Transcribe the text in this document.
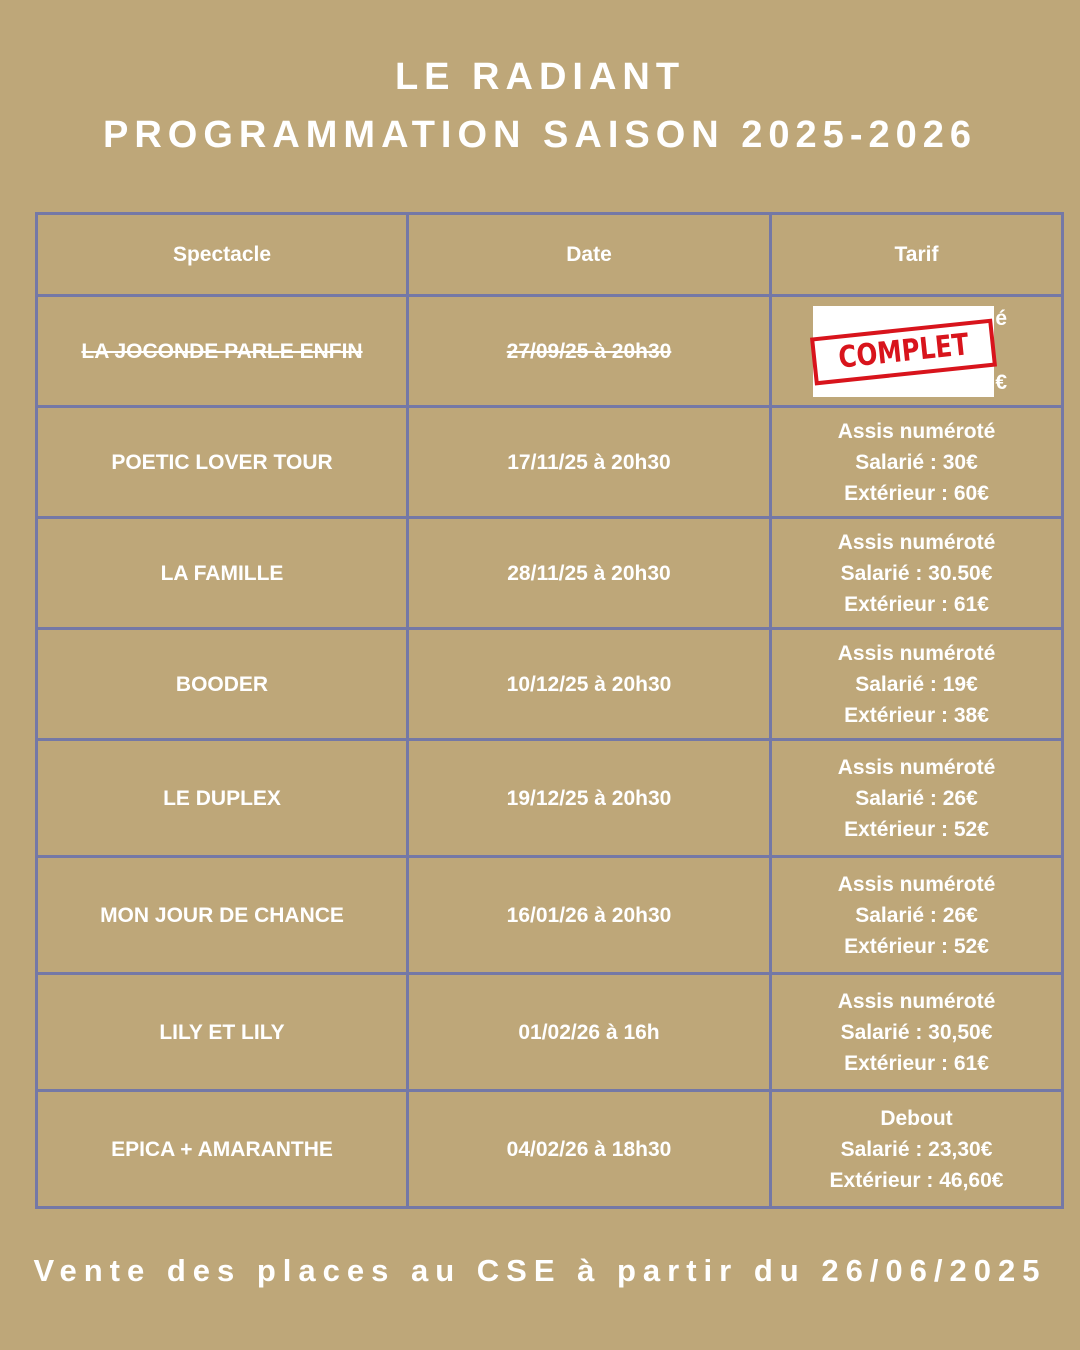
LE RADIANT
PROGRAMMATION SAISON 2025-2026
Spectacle	Date	Tarif
LA JOCONDE PARLE ENFIN	27/09/25 à 20h30	é
€
COMPLET

POETIC LOVER TOUR	17/11/25 à 20h30	Assis numéroté
Salarié : 30€
Extérieur : 60€

LA FAMILLE	28/11/25 à 20h30	Assis numéroté
Salarié : 30.50€
Extérieur : 61€

BOODER	10/12/25 à 20h30	Assis numéroté
Salarié : 19€
Extérieur : 38€

LE DUPLEX	19/12/25 à 20h30	Assis numéroté
Salarié : 26€
Extérieur : 52€

MON JOUR DE CHANCE	16/01/26 à 20h30	Assis numéroté
Salarié : 26€
Extérieur : 52€

LILY ET LILY	01/02/26 à 16h	Assis numéroté
Salarié : 30,50€
Extérieur : 61€

EPICA + AMARANTHE	04/02/26 à 18h30	Debout
Salarié : 23,30€
Extérieur : 46,60€

Vente des places au CSE à partir du 26/06/2025
